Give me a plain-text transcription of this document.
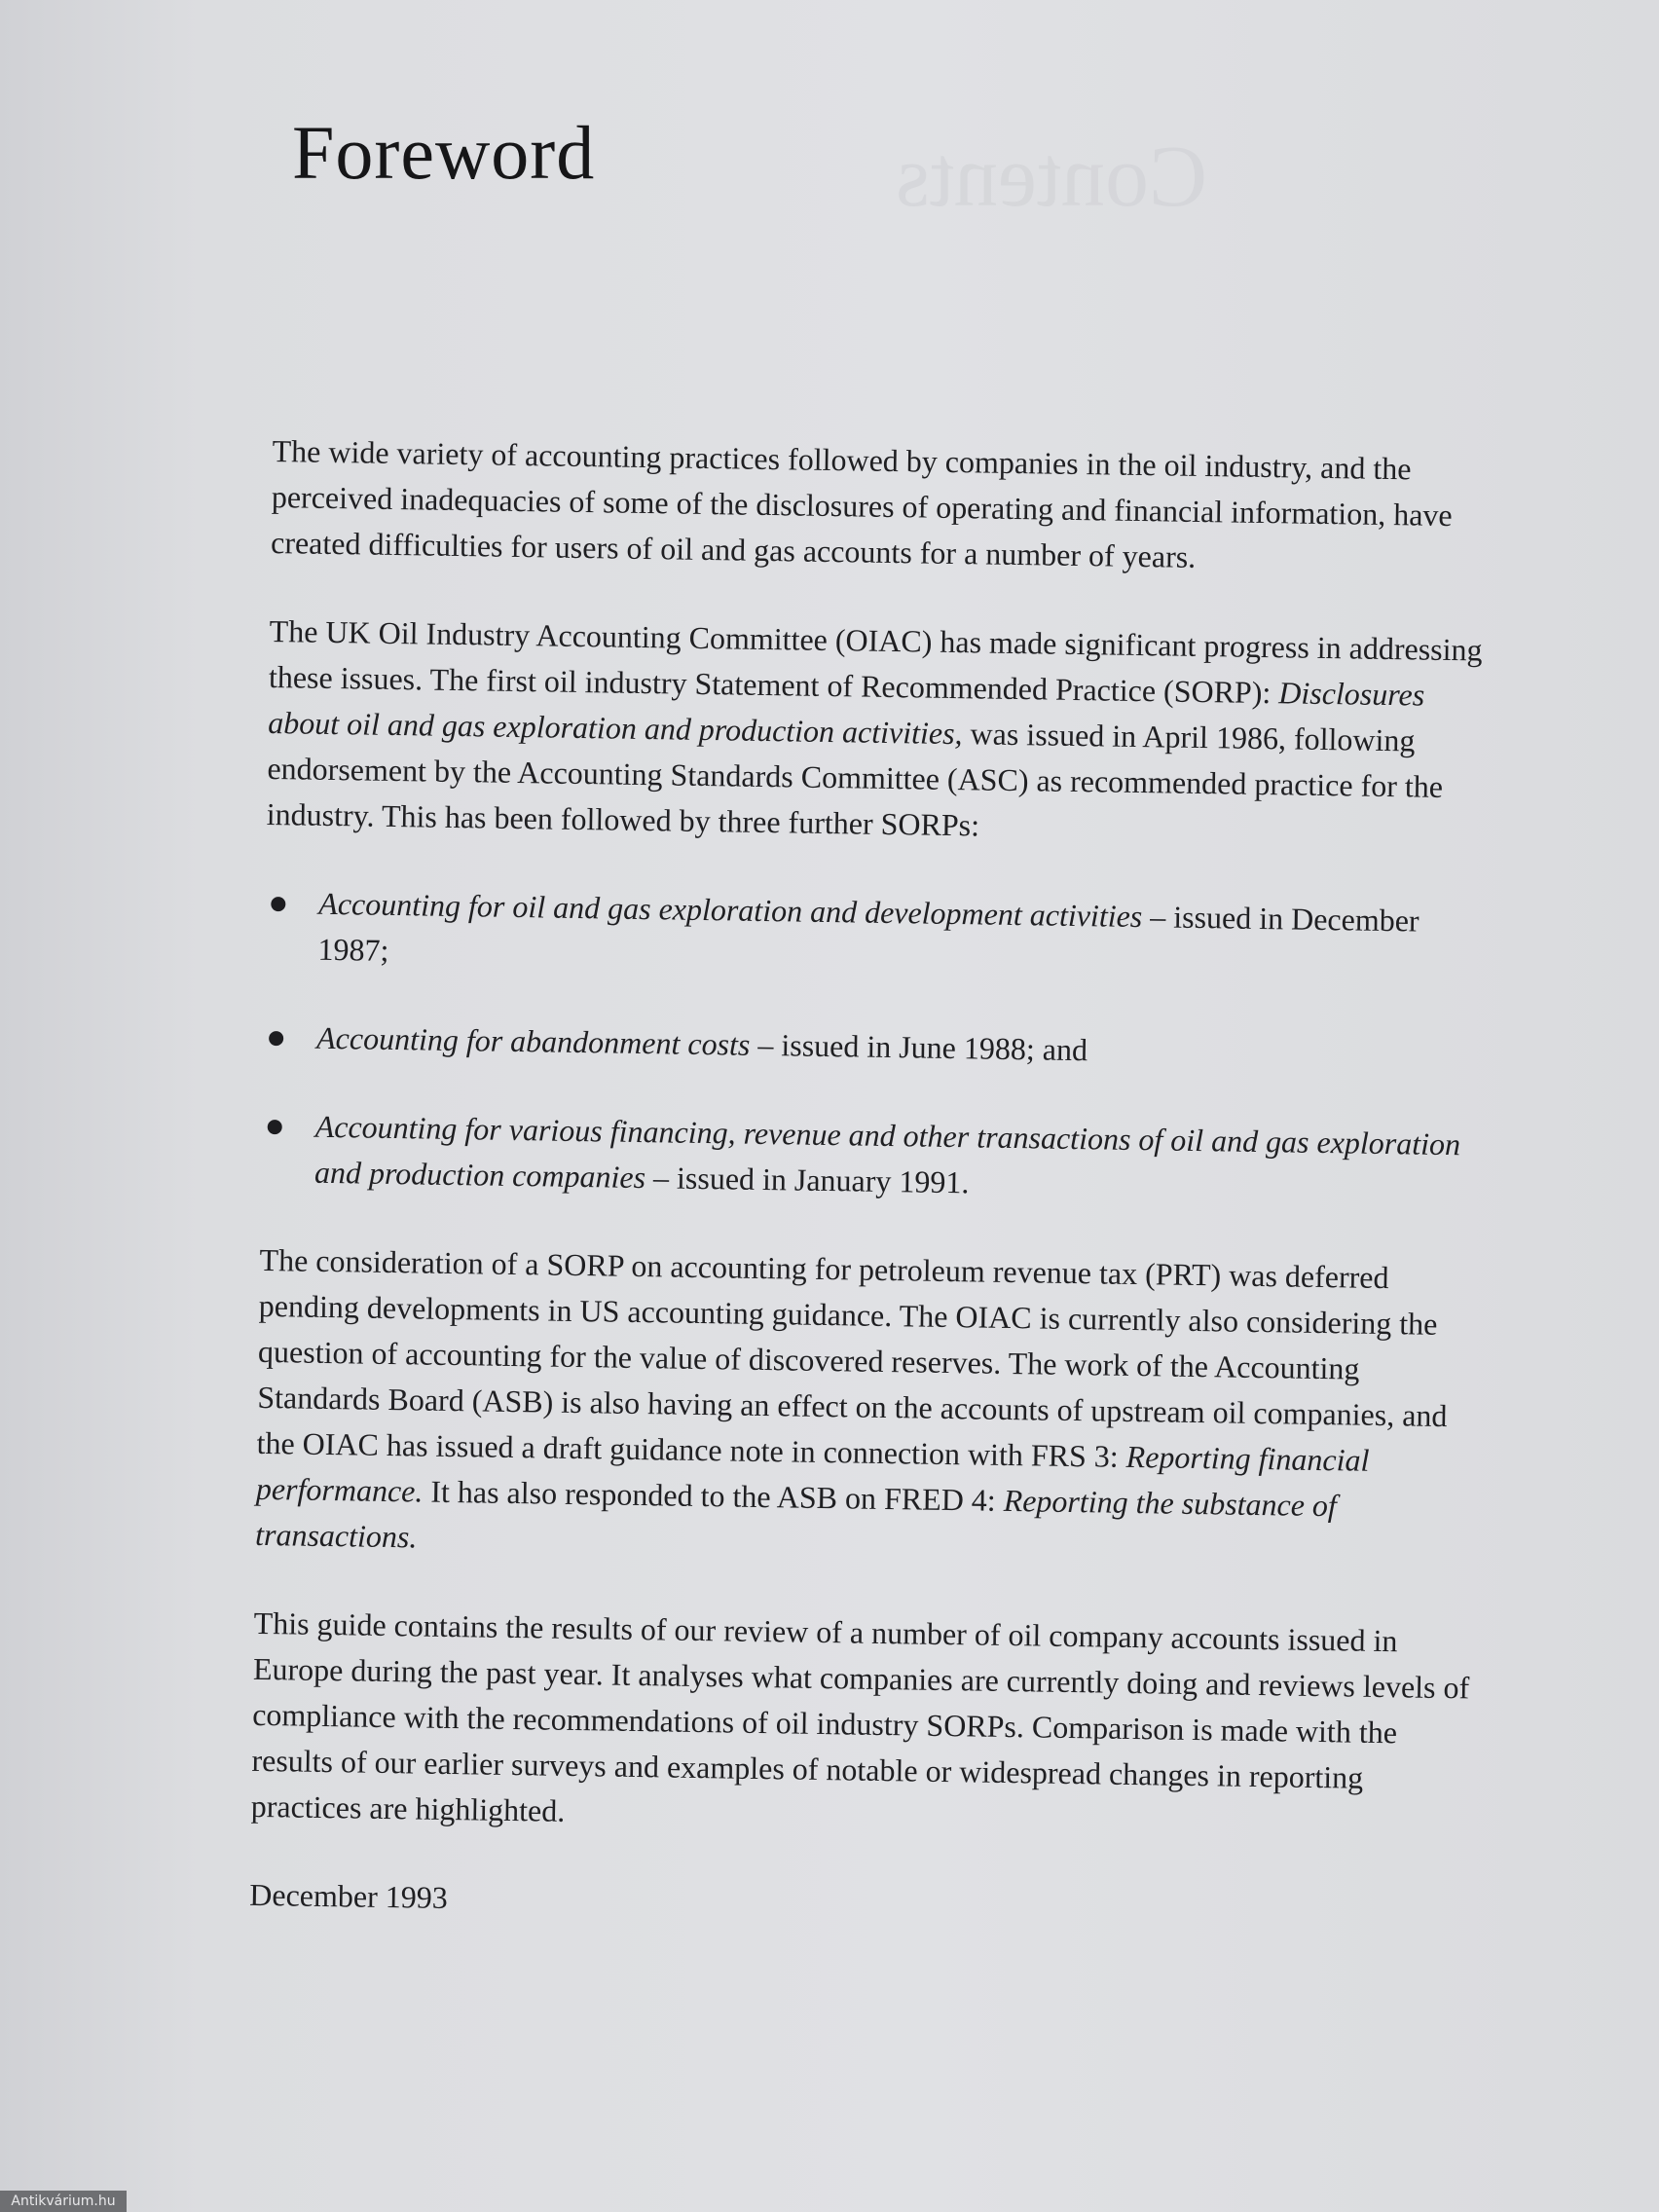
Contents
Foreword

The wide variety of accounting practices followed by companies in the oil industry, and the perceived inadequacies of some of the disclosures of operating and financial information, have created difficulties for users of oil and gas accounts for a number of years.

The UK Oil Industry Accounting Committee (OIAC) has made significant progress in addressing these issues. The first oil industry Statement of Recommended Practice (SORP): Disclosures about oil and gas exploration and production activities, was issued in April 1986, following endorsement by the Accounting Standards Committee (ASC) as recommended practice for the industry. This has been followed by three further SORPs:

Accounting for oil and gas exploration and development activities – issued in December 1987;
Accounting for abandonment costs – issued in June 1988; and
Accounting for various financing, revenue and other transactions of oil and gas exploration and production companies – issued in January 1991.

The consideration of a SORP on accounting for petroleum revenue tax (PRT) was deferred pending developments in US accounting guidance. The OIAC is currently also considering the question of accounting for the value of discovered reserves. The work of the Accounting Standards Board (ASB) is also having an effect on the accounts of upstream oil companies, and the OIAC has issued a draft guidance note in connection with FRS 3: Reporting financial performance. It has also responded to the ASB on FRED 4: Reporting the substance of transactions.

This guide contains the results of our review of a number of oil company accounts issued in Europe during the past year. It analyses what companies are currently doing and reviews levels of compliance with the recommendations of oil industry SORPs. Comparison is made with the results of our earlier surveys and examples of notable or widespread changes in reporting practices are highlighted.

December 1993

Antikvárium.hu
